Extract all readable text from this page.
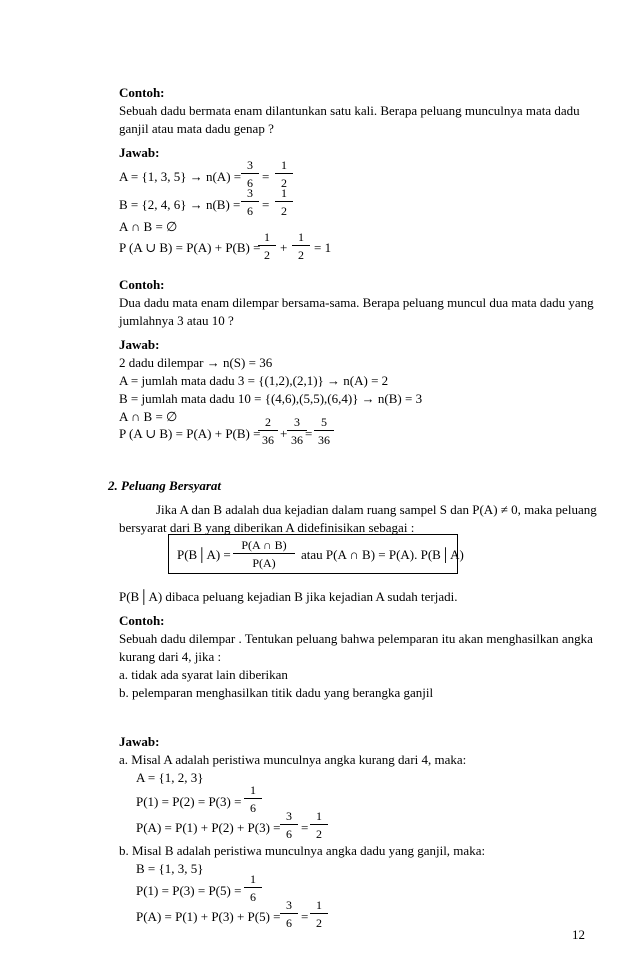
Contoh:
Sebuah dadu bermata enam dilantunkan satu kali. Berapa peluang munculnya mata dadu
ganjil atau mata dadu genap ?
Jawab:
A = {1, 3, 5} → n(A) =
3
6 =
1
2
B = {2, 4, 6} → n(B) =
3
6 =
1
2
A ∩ B = ∅
P (A ∪ B) = P(A) + P(B) =
1
2 +
1
2 = 1
Contoh:
Dua dadu mata enam dilempar bersama-sama. Berapa peluang muncul dua mata dadu yang
jumlahnya 3 atau 10 ?
Jawab:
2 dadu dilempar → n(S) = 36
A = jumlah mata dadu 3 = {(1,2),(2,1)} → n(A) = 2
B = jumlah mata dadu 10 = {(4,6),(5,5),(6,4)} → n(B) = 3
A ∩ B = ∅
P (A ∪ B) = P(A) + P(B) =
2
36 +
3
36 =
5
36
2. Peluang Bersyarat
Jika A dan B adalah dua kejadian dalam ruang sampel S dan P(A) ≠ 0, maka peluang
bersyarat dari B yang diberikan A didefinisikan sebagai :
P(B│A) =
P(A ∩ B)
P(A)
atau P(A ∩ B) = P(A). P(B│A)
P(B│A) dibaca peluang kejadian B jika kejadian A sudah terjadi.
Contoh:
Sebuah dadu dilempar . Tentukan peluang bahwa pelemparan itu akan menghasilkan angka
kurang dari 4, jika :
a. tidak ada syarat lain diberikan
b. pelemparan menghasilkan titik dadu yang berangka ganjil
Jawab:
a. Misal A adalah peristiwa munculnya angka kurang dari 4, maka:
A = {1, 2, 3}
P(1) = P(2) = P(3) =
1
6
P(A) = P(1) + P(2) + P(3) =
3
6 =
1
2
b. Misal B adalah peristiwa munculnya angka dadu yang ganjil, maka:
B = {1, 3, 5}
P(1) = P(3) = P(5) =
1
6
P(A) = P(1) + P(3) + P(5) =
3
6 =
1
2
12
